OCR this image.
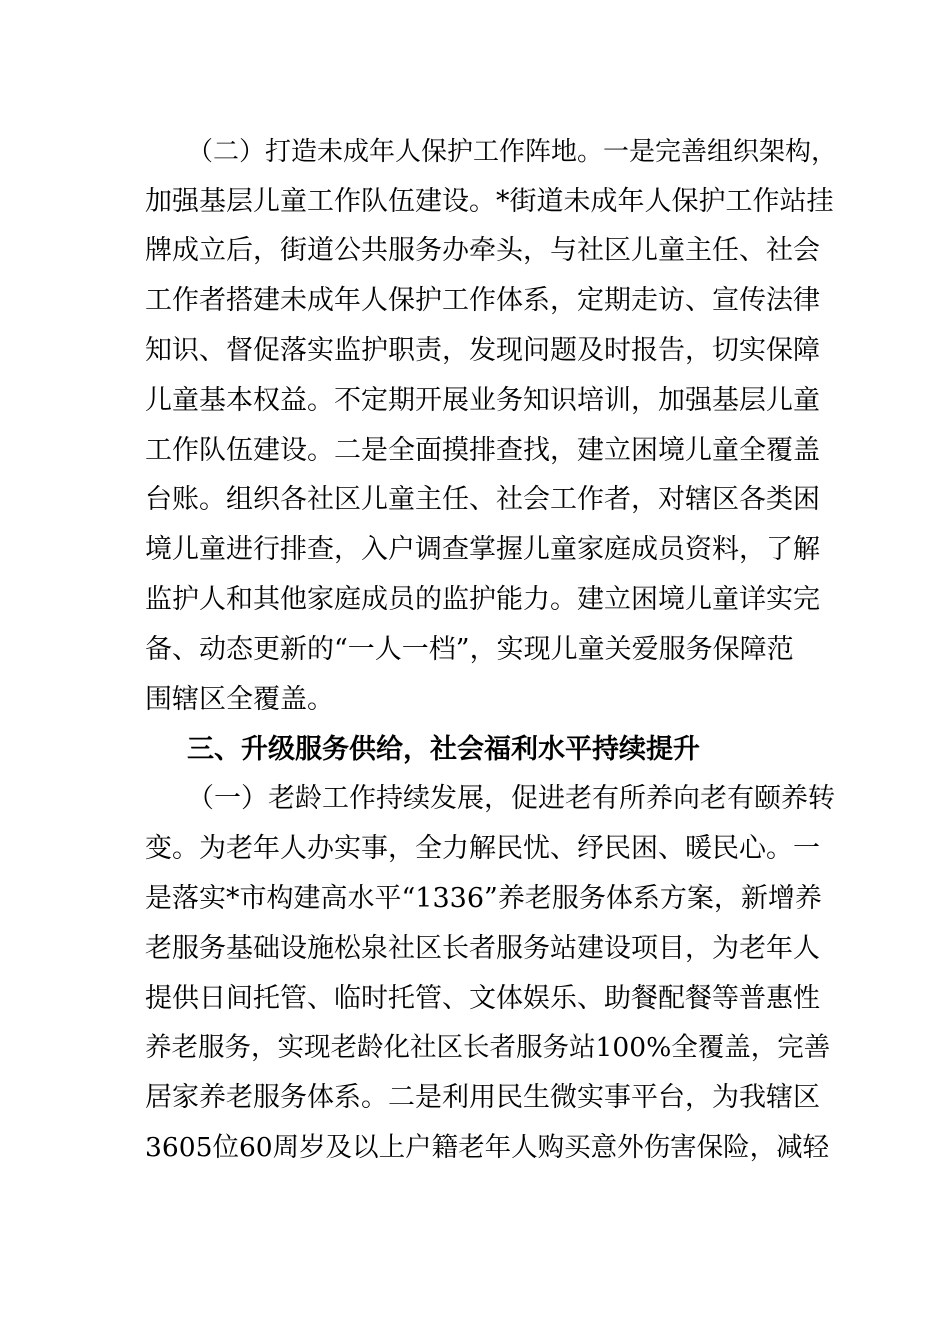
（二）打造未成年人保护工作阵地。一是完善组织架构，
加强基层儿童工作队伍建设。*街道未成年人保护工作站挂
牌成立后，街道公共服务办牵头，与社区儿童主任、社会
工作者搭建未成年人保护工作体系，定期走访、宣传法律
知识、督促落实监护职责，发现问题及时报告，切实保障
儿童基本权益。不定期开展业务知识培训，加强基层儿童
工作队伍建设。二是全面摸排查找，建立困境儿童全覆盖
台账。组织各社区儿童主任、社会工作者，对辖区各类困
境儿童进行排查，入户调查掌握儿童家庭成员资料，了解
监护人和其他家庭成员的监护能力。建立困境儿童详实完
备、动态更新的“一人一档”，实现儿童关爱服务保障范
围辖区全覆盖。
三、升级服务供给，社会福利水平持续提升
（一）老龄工作持续发展，促进老有所养向老有颐养转
变。为老年人办实事，全力解民忧、纾民困、暖民心。一
是落实*市构建高水平“1336”养老服务体系方案，新增养
老服务基础设施松泉社区长者服务站建设项目，为老年人
提供日间托管、临时托管、文体娱乐、助餐配餐等普惠性
养老服务，实现老龄化社区长者服务站100%全覆盖，完善
居家养老服务体系。二是利用民生微实事平台，为我辖区
3605位60周岁及以上户籍老年人购买意外伤害保险，减轻
